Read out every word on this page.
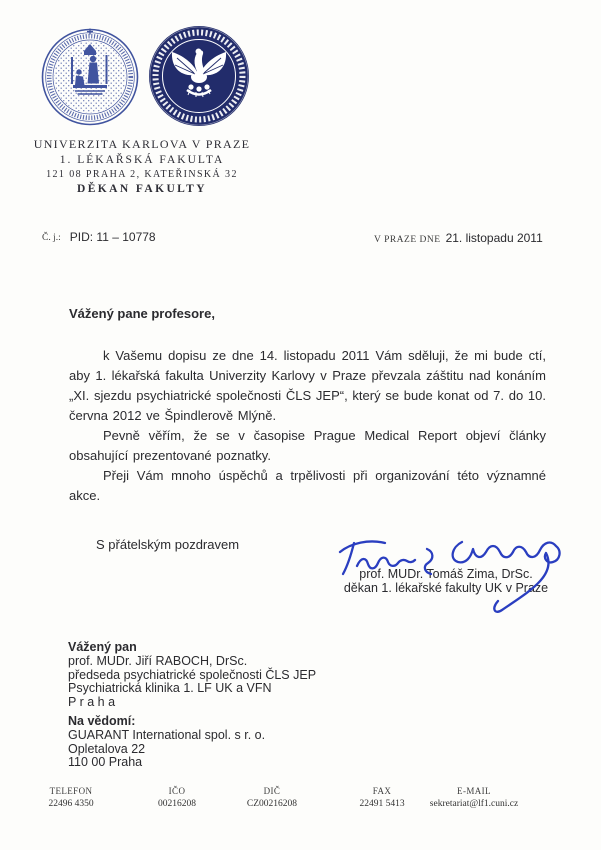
UNIVERZITA KARLOVA V PRAZE
1. LÉKAŘSKÁ FAKULTA
121 08 PRAHA 2, KATEŘINSKÁ 32
DĚKAN FAKULTY
Č. j.: PID: 11 – 10778	V PRAZE DNE 21. listopadu 2011
Vážený pane profesore,

k Vašemu dopisu ze dne 14. listopadu 2011 Vám sděluji, že mi bude ctí, aby 1. lékařská fakulta Univerzity Karlovy v Praze převzala záštitu nad konáním „XI. sjezdu psychiatrické společnosti ČLS JEP“, který se bude konat od 7. do 10. června 2012 ve Špindlerově Mlýně.

Pevně věřím, že se v časopise Prague Medical Report objeví články obsahující prezentované poznatky.

Přeji Vám mnoho úspěchů a trpělivosti při organizování této významné akce.

S přátelským pozdravem
prof. MUDr. Tomáš Zima, DrSc.
děkan 1. lékařské fakulty UK v Praze
Vážený pan
prof. MUDr. Jiří RABOCH, DrSc.
předseda psychiatrické společnosti ČLS JEP
Psychiatrická klinika 1. LF UK a VFN
P r a h a
Na vědomí:
GUARANT International spol. s r. o.
Opletalova 22
110 00 Praha
TELEFON
22496 4350
IČO
00216208
DIČ
CZ00216208
FAX
22491 5413
E-MAIL
sekretariat@lf1.cuni.cz
